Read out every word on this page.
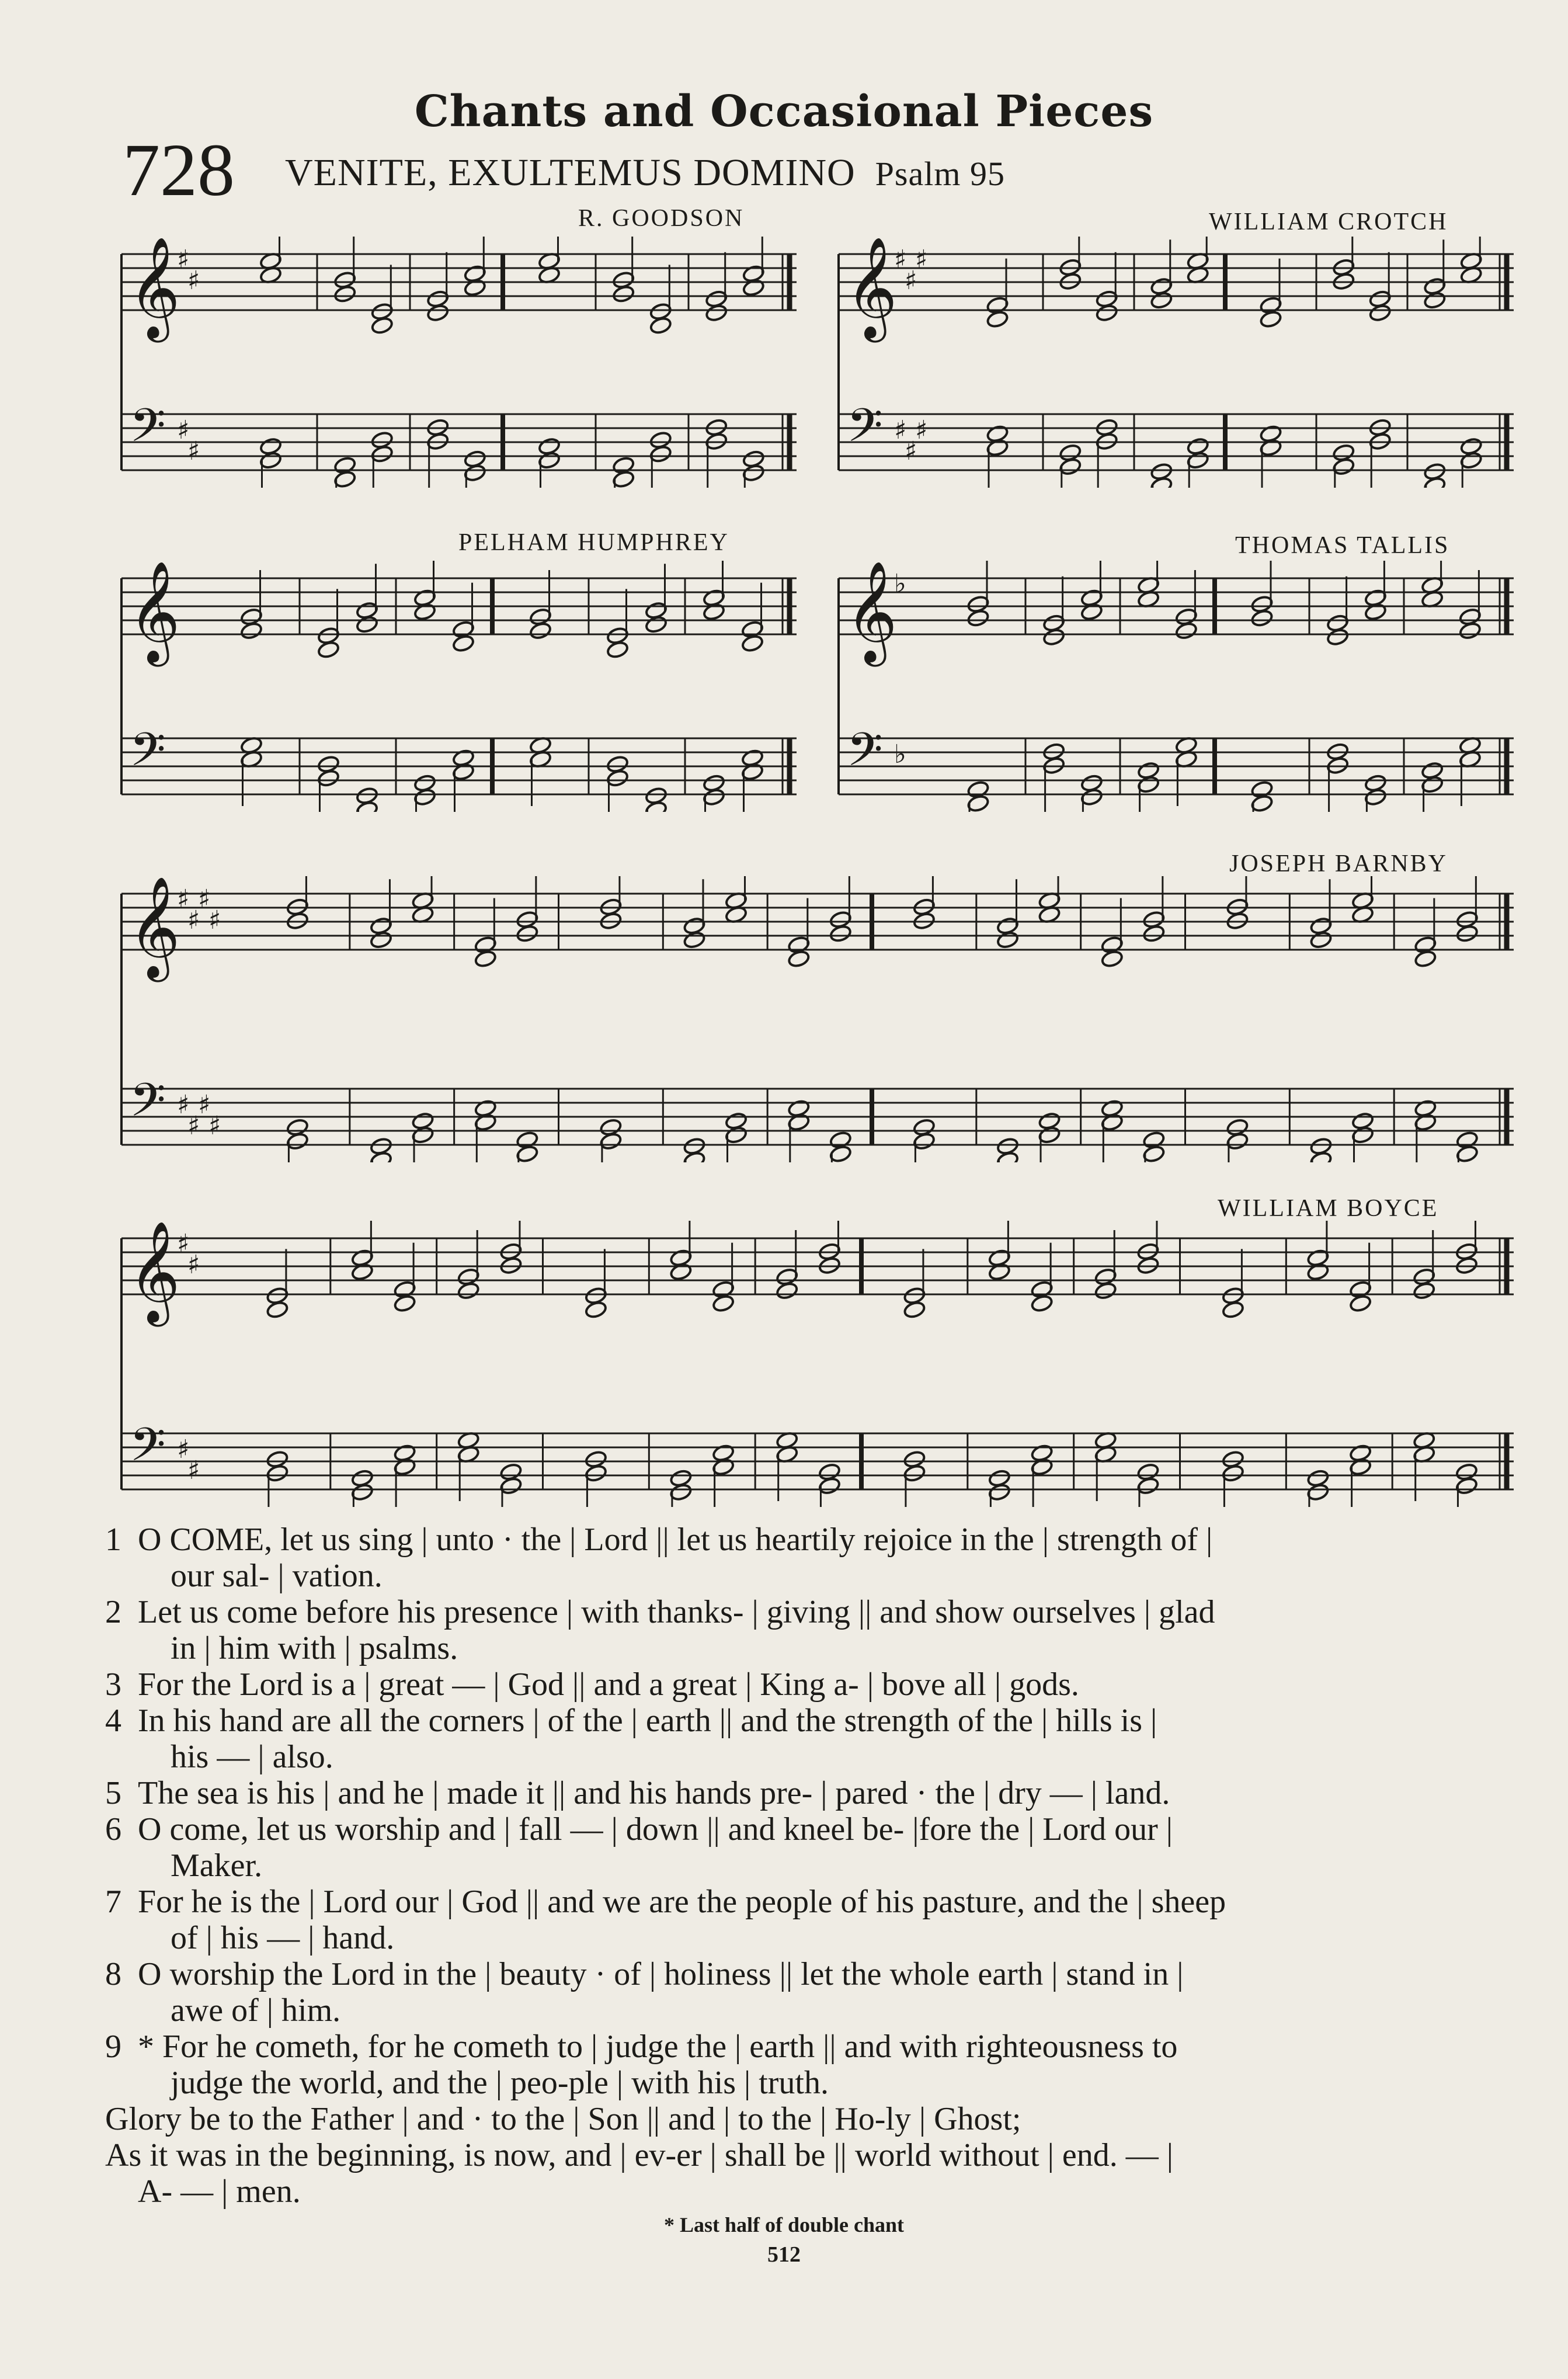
Chants and Occasional Pieces
728 VENITE, EXULTEMUS DOMINO Psalm 95
R. GOODSON	WILLIAM CROTCH
PELHAM HUMPHREY	THOMAS TALLIS
JOSEPH BARNBY
WILLIAM BOYCE
𝄞
𝄢
♯
♯
♯
♯
𝄞
𝄢
♯
♯
♯
♯
♯
♯
𝄞
𝄢
𝄞
𝄢
♭
♭
𝄞
𝄢
♯
♯
♯
♯
♯
♯
♯
♯
𝄞
𝄢
♯
♯
♯
♯
1 O COME, let us sing | unto · the | Lord || let us heartily rejoice in the | strength of |
our sal- | vation.
2 Let us come before his presence | with thanks- | giving || and show ourselves | glad
in | him with | psalms.
3 For the Lord is a | great — | God || and a great | King a- | bove all | gods.
4 In his hand are all the corners | of the | earth || and the strength of the | hills is |
his — | also.
5 The sea is his | and he | made it || and his hands pre- | pared · the | dry — | land.
6 O come, let us worship and | fall — | down || and kneel be- |fore the | Lord our |
Maker.
7 For he is the | Lord our | God || and we are the people of his pasture, and the | sheep
of | his — | hand.
8 O worship the Lord in the | beauty · of | holiness || let the whole earth | stand in |
awe of | him.
9 * For he cometh, for he cometh to | judge the | earth || and with righteousness to
judge the world, and the | peo-ple | with his | truth.
Glory be to the Father | and · to the | Son || and | to the | Ho-ly | Ghost;
As it was in the beginning, is now, and | ev-er | shall be || world without | end. — |
A- — | men.
* Last half of double chant
512
